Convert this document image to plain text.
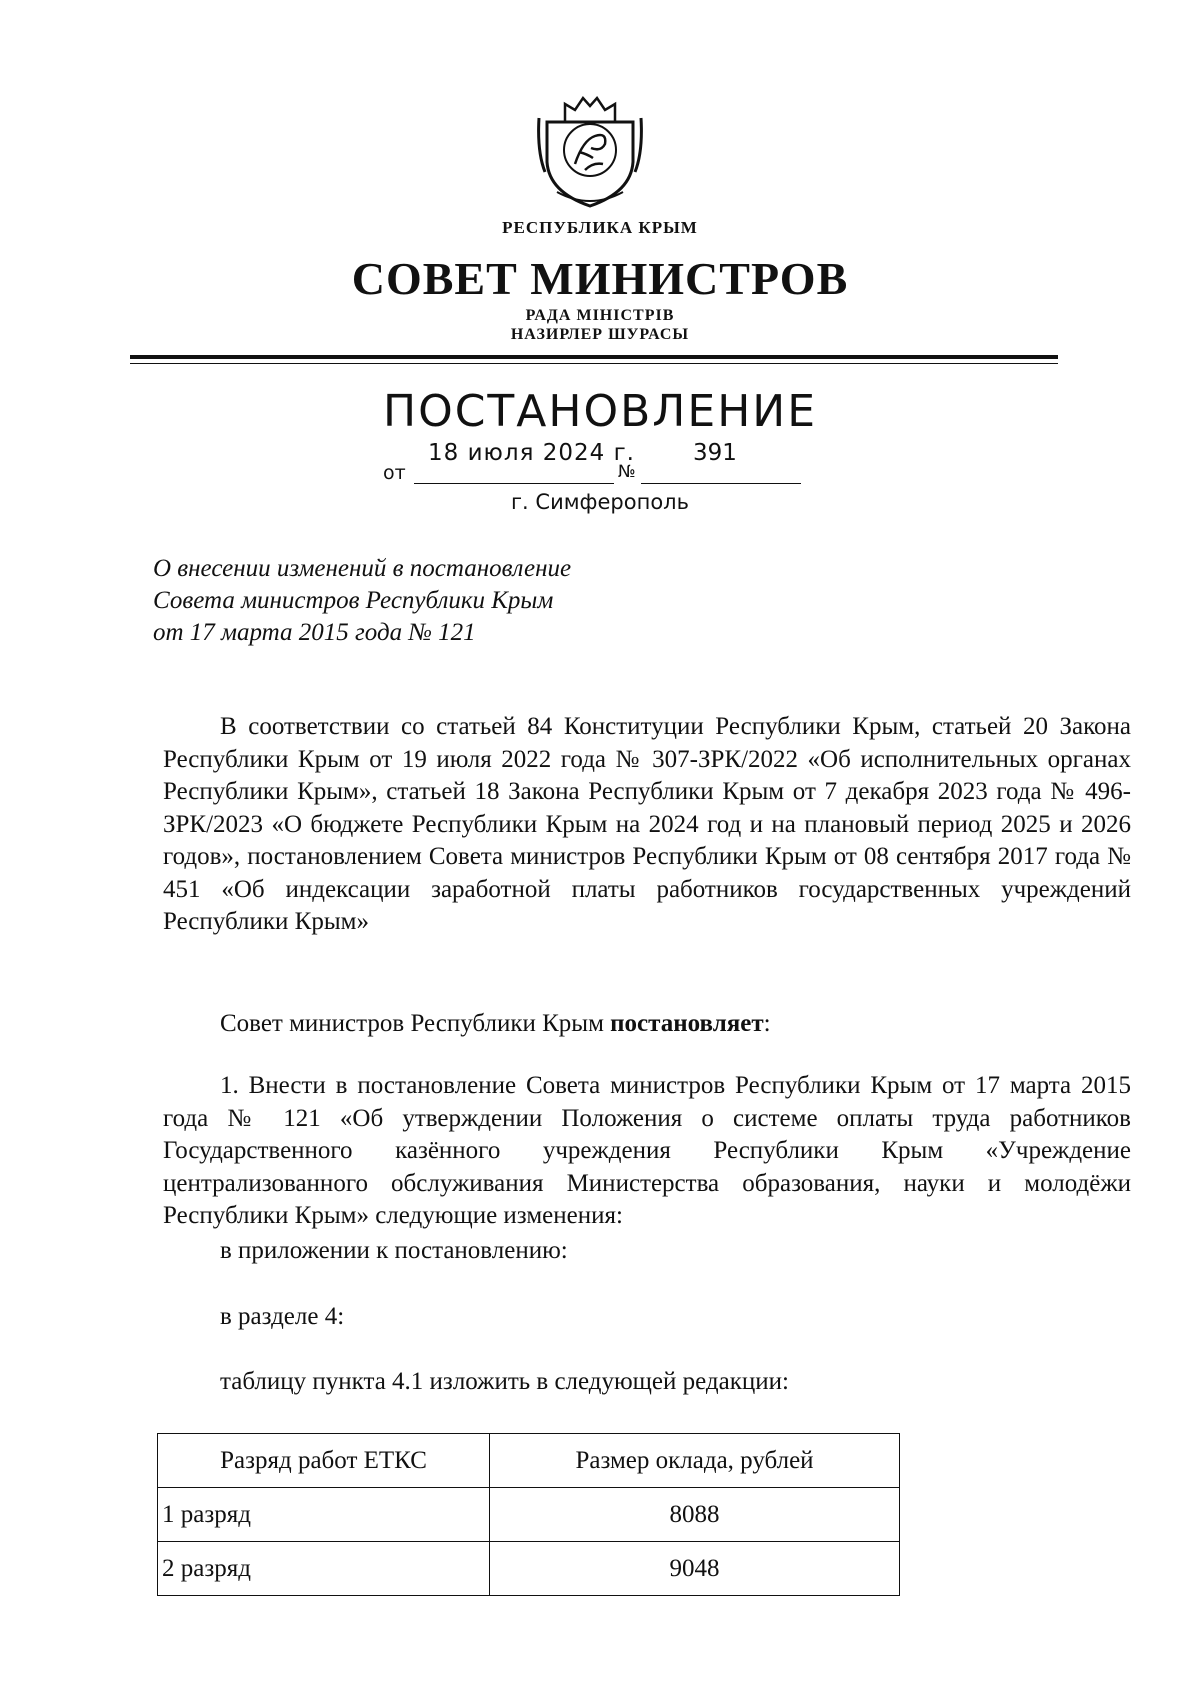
РЕСПУБЛИКА КРЫМ
СОВЕТ МИНИСТРОВ
РАДА МІНІСТРІВ
НАЗИРЛЕР ШУРАСЫ
ПОСТАНОВЛЕНИЕ
от
18 июля 2024 г.
№
391
г. Симферополь
О внесении изменений в постановление
Совета министров Республики Крым
от 17 марта 2015 года № 121
В соответствии со статьей 84 Конституции Республики Крым, статьей 20 Закона Республики Крым от 19 июля 2022 года № 307-ЗРК/2022 «Об исполнительных органах Республики Крым», статьей 18 Закона Республики Крым от 7 декабря 2023 года № 496-ЗРК/2023 «О бюджете Республики Крым на 2024 год и на плановый период 2025 и 2026 годов», постановлением Совета министров Республики Крым от 08 сентября 2017 года № 451 «Об индексации заработной платы работников государственных учреждений Республики Крым»
Совет министров Республики Крым постановляет:
1. Внести в постановление Совета министров Республики Крым от 17 марта 2015 года № 121 «Об утверждении Положения о системе оплаты труда работников Государственного казённого учреждения Республики Крым «Учреждение централизованного обслуживания Министерства образования, науки и молодёжи Республики Крым» следующие изменения:
в приложении к постановлению:
в разделе 4:
таблицу пункта 4.1 изложить в следующей редакции:
Разряд работ ЕТКС	Размер оклада, рублей
1 разряд	8088
2 разряд	9048
